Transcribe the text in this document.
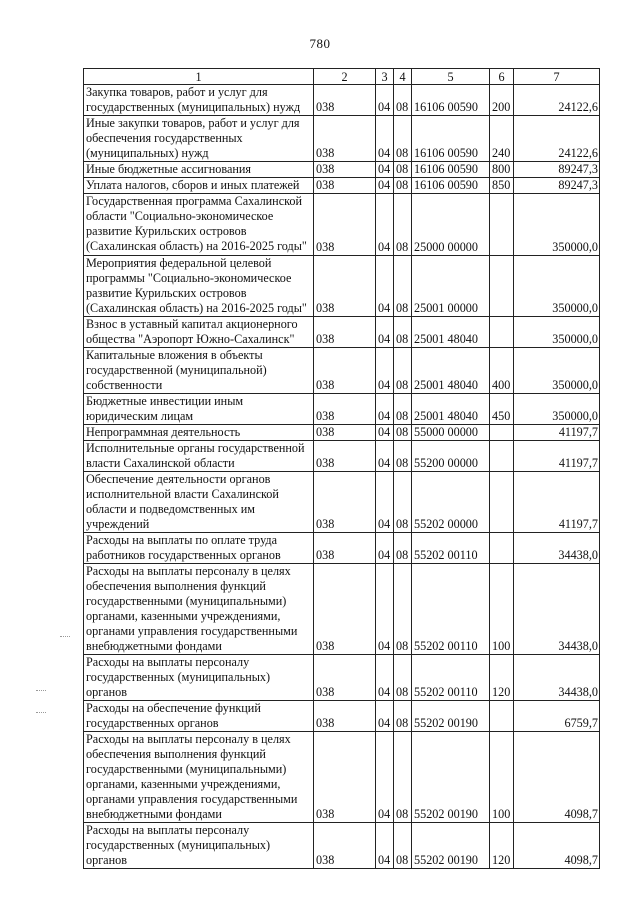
780
1	2	3	4	5	6	7
Закупка товаров, работ и услуг для государственных (муниципальных) нужд	038	04	08	16106 00590	200	24122,6
Иные закупки товаров, работ и услуг для обеспечения государственных (муниципальных) нужд	038	04	08	16106 00590	240	24122,6
Иные бюджетные ассигнования	038	04	08	16106 00590	800	89247,3
Уплата налогов, сборов и иных платежей	038	04	08	16106 00590	850	89247,3
Государственная программа Сахалинской области "Социально-экономическое развитие Курильских островов (Сахалинская область) на 2016-2025 годы"	038	04	08	25000 00000		350000,0
Мероприятия федеральной целевой программы "Социально-экономическое развитие Курильских островов (Сахалинская область) на 2016-2025 годы"	038	04	08	25001 00000		350000,0
Взнос в уставный капитал акционерного общества "Аэропорт Южно-Сахалинск"	038	04	08	25001 48040		350000,0
Капитальные вложения в объекты государственной (муниципальной) собственности	038	04	08	25001 48040	400	350000,0
Бюджетные инвестиции иным юридическим лицам	038	04	08	25001 48040	450	350000,0
Непрограммная деятельность	038	04	08	55000 00000		41197,7
Исполнительные органы государственной власти Сахалинской области	038	04	08	55200 00000		41197,7
Обеспечение деятельности органов исполнительной власти Сахалинской области и подведомственных им учреждений	038	04	08	55202 00000		41197,7
Расходы на выплаты по оплате труда работников государственных органов	038	04	08	55202 00110		34438,0
Расходы на выплаты персоналу в целях обеспечения выполнения функций государственными (муниципальными) органами, казенными учреждениями, органами управления государственными внебюджетными фондами	038	04	08	55202 00110	100	34438,0
Расходы на выплаты персоналу государственных (муниципальных) органов	038	04	08	55202 00110	120	34438,0
Расходы на обеспечение функций государственных органов	038	04	08	55202 00190		6759,7
Расходы на выплаты персоналу в целях обеспечения выполнения функций государственными (муниципальными) органами, казенными учреждениями, органами управления государственными внебюджетными фондами	038	04	08	55202 00190	100	4098,7
Расходы на выплаты персоналу государственных (муниципальных) органов	038	04	08	55202 00190	120	4098,7
